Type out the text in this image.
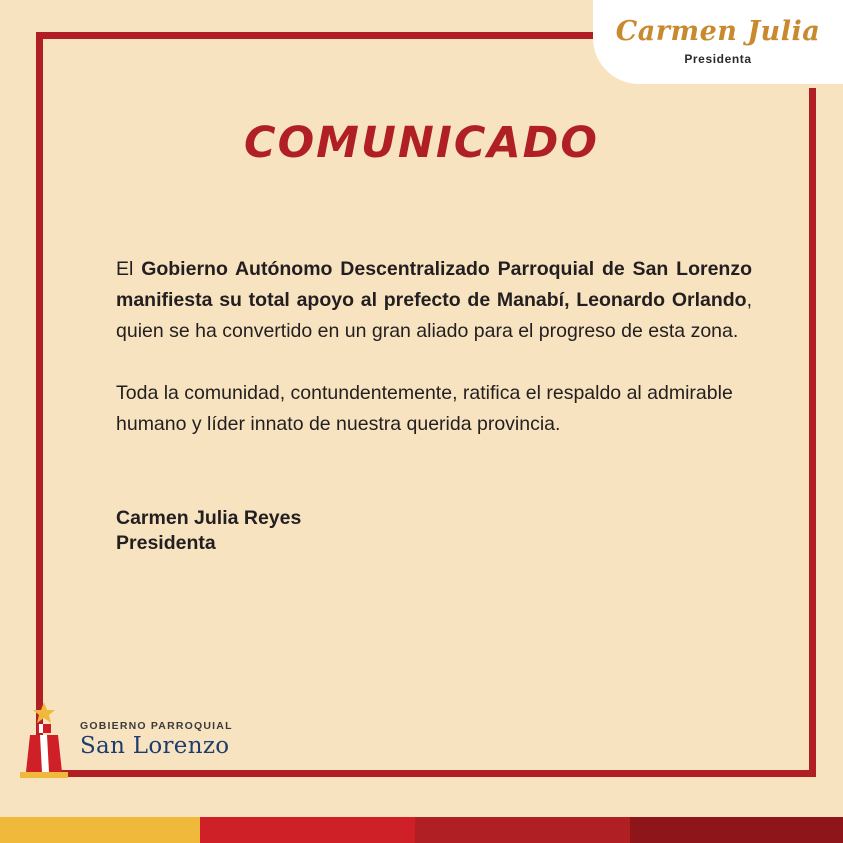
Carmen Julia
Presidenta
COMUNICADO

El Gobierno Autónomo Descentralizado Parroquial de San Lorenzo manifiesta su total apoyo al prefecto de Manabí, Leonardo Orlando, quien se ha convertido en un gran aliado para el progreso de esta zona.

Toda la comunidad, contundentemente, ratifica el respaldo al admirable humano y líder innato de nuestra querida provincia.

Carmen Julia Reyes
Presidenta
GOBIERNO PARROQUIAL
San Lorenzo
